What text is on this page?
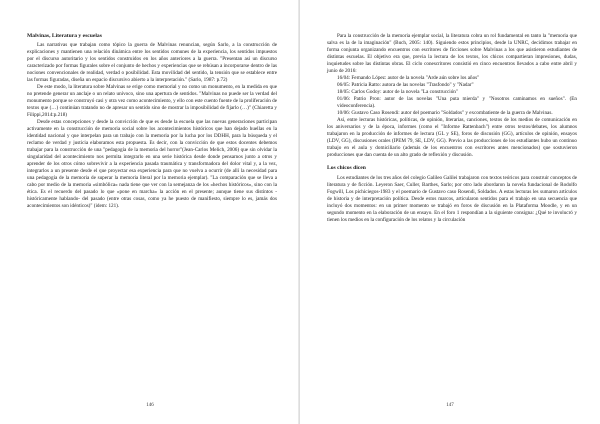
Malvinas, Literatura y escuelas

Las narrativas que trabajan como tópico la guerra de Malvinas renuncian, según Sarlo, a la construcción de explicaciones y mantienen una relación dinámica entre los sentidos comunes de la experiencia, los sentidos impuestos por el discurso autoritario y los sentidos construidos en los años anteriores a la guerra. "Presentan así un discurso caracterizado por formas figurales sobre el conjunto de hechos y experiencias que se rehúsan a incorporarse dentro de las nociones convencionales de realidad, verdad o posibilidad. Esta movilidad del sentido, la tensión que se establece entre las formas figuradas, diseña un espacio discursivo abierto a la interpretación." (Sarlo, 1987: p.72)

De este modo, la literatura sobre Malvinas se erige como memorial y no como un monumento, en la medida en que no pretende generar un anclaje o un relato unívoco, sino una apertura de sentidos. "Malvinas no puede ser la verdad del monumento porque se construyó casi y otra vez como acontecimiento, y ello con este cuento fuente de la proliferación de textos que (…) continúan tratando no de apresar un sentido sino de mostrar la imposibilidad de fijarlo (…)" (Chiaretta y Filippi,2014:p.218)

Desde estas concepciones y desde la convicción de que es desde la escuela que las nuevas generaciones participan activamente en la construcción de memoria social sobre los acontecimientos históricos que han dejado huellas en la identidad nacional y que interpelan para un trabajo con la memoria por la lucha por los DDHH, para la búsqueda y el reclamo de verdad y justicia elaboramos esta propuesta. Es decir, con la convicción de que estos docentes debemos trabajar para la construcción de una "pedagogía de la memoria del horror"(Jean-Carlos Melich, 2006) que sin olvidar la singularidad del acontecimiento nos permita integrarlo en una serie histórica desde donde pensarnos junto a otros y aprender de los otros cómo sobrevivir a la experiencia pasada traumática y transformadora del dolor vital y, a la vez, integrarlos a un presente desde el que proyectar esa experiencia para que no vuelva a ocurrir (de allí la necesidad para una pedagogía de la memoria de superar la memoria literal por la memoria ejemplar). "La comparación que se lleva a cabo por medio de la memoria «simbólica» nada tiene que ver con la semejanza de los «hechos históricos», sino con la ética. Es el recuerdo del pasado lo que «pone en marcha» la acción en el presente; aunque tiene sus distintos -históricamente hablando- del pasado (entre otras cosas, como ya he puesto de manifiesto, siempre lo es, jamás dos acontecimientos son idénticos)" (idem: 121).

146

Para la construcción de la memoria ejemplar social, la literatura cobra un rol fundamental en tanto la "memoria que salva es la de la imaginación" (Buch, 2005: 140). Siguiendo estos principios, desde la UNRC, decidimos trabajar en forma conjunta organizando encuentros con escritores de ficciones sobre Malvinas a los que asistieron estudiantes de distintas escuelas. El objetivo era que, previa la lectura de los textos, los chicos compartieran impresiones, dudas, inquietudes sobre las distintas obras. El ciclo conescritores consistió en cinco encuentros llevados a cabo entre abril y junio de 2016:

16/04: Fernando López: autor de la novela "Arde aún sobre los años"

06/05: Patricia Ratto: autora de las novelas "Trasfondo" y "Nadar"

18/05: Carlos Godoy: autor de la novela "La construcción"

01/06: Patrio Pron: autor de las novelas "Una puta mierda" y "Nosotros caminamos en sueños". (En videoconferencia).

10/06: Gustavo Caso Rosendi: autor del poemario "Soldados" y excombatiente de la guerra de Malvinas.

Así, entre lecturas históricas, políticas, de opinión, literarias, canciones, textos de los medios de comunicación en los aniversarios y de la época, informes (como el "Informe Rattenbach") entre otros textos/debates, los alumnos trabajaron en la producción de informes de lectura (GL y SE), foros de discusión (GG), artículos de opinión, ensayos (LDV, GG), discusiones orales (IPEM 79, SE, LDV, GG). Previo a las producciones de los estudiantes hubo un continuo trabajo en el aula y domiciliario (además de los encuentros con escritores antes mencionados) que sostuvieron producciones que dan cuenta de un alto grado de reflexión y discusión.

Los chicos dicen

Los estudiantes de los tres años del colegio Galileo Galilei trabajaron con textos teóricos para construir conceptos de literatura y de ficción. Leyeron Saer, Culler, Barthes, Sarlo; por otro lado abordaron la novela fundacional de Rodolfo Fogwill, Los pichiciegos-1983 y el poemario de Gustavo caso Rosendi, Soldados. A estas lecturas les sumaron artículos de historia y de interpretación política. Desde estos marcos, articularon sentidos para el trabajo en una secuencia que incluyó dos momentos: en un primer momento se trabajó en foros de discusión en la Plataforma Moodle, y en un segundo momento en la elaboración de un ensayo. En el foro 1 respondían a la siguiente consigna: ¿Qué te involucró y tienen los medios en la configuración de los relatos y la circulación

147
